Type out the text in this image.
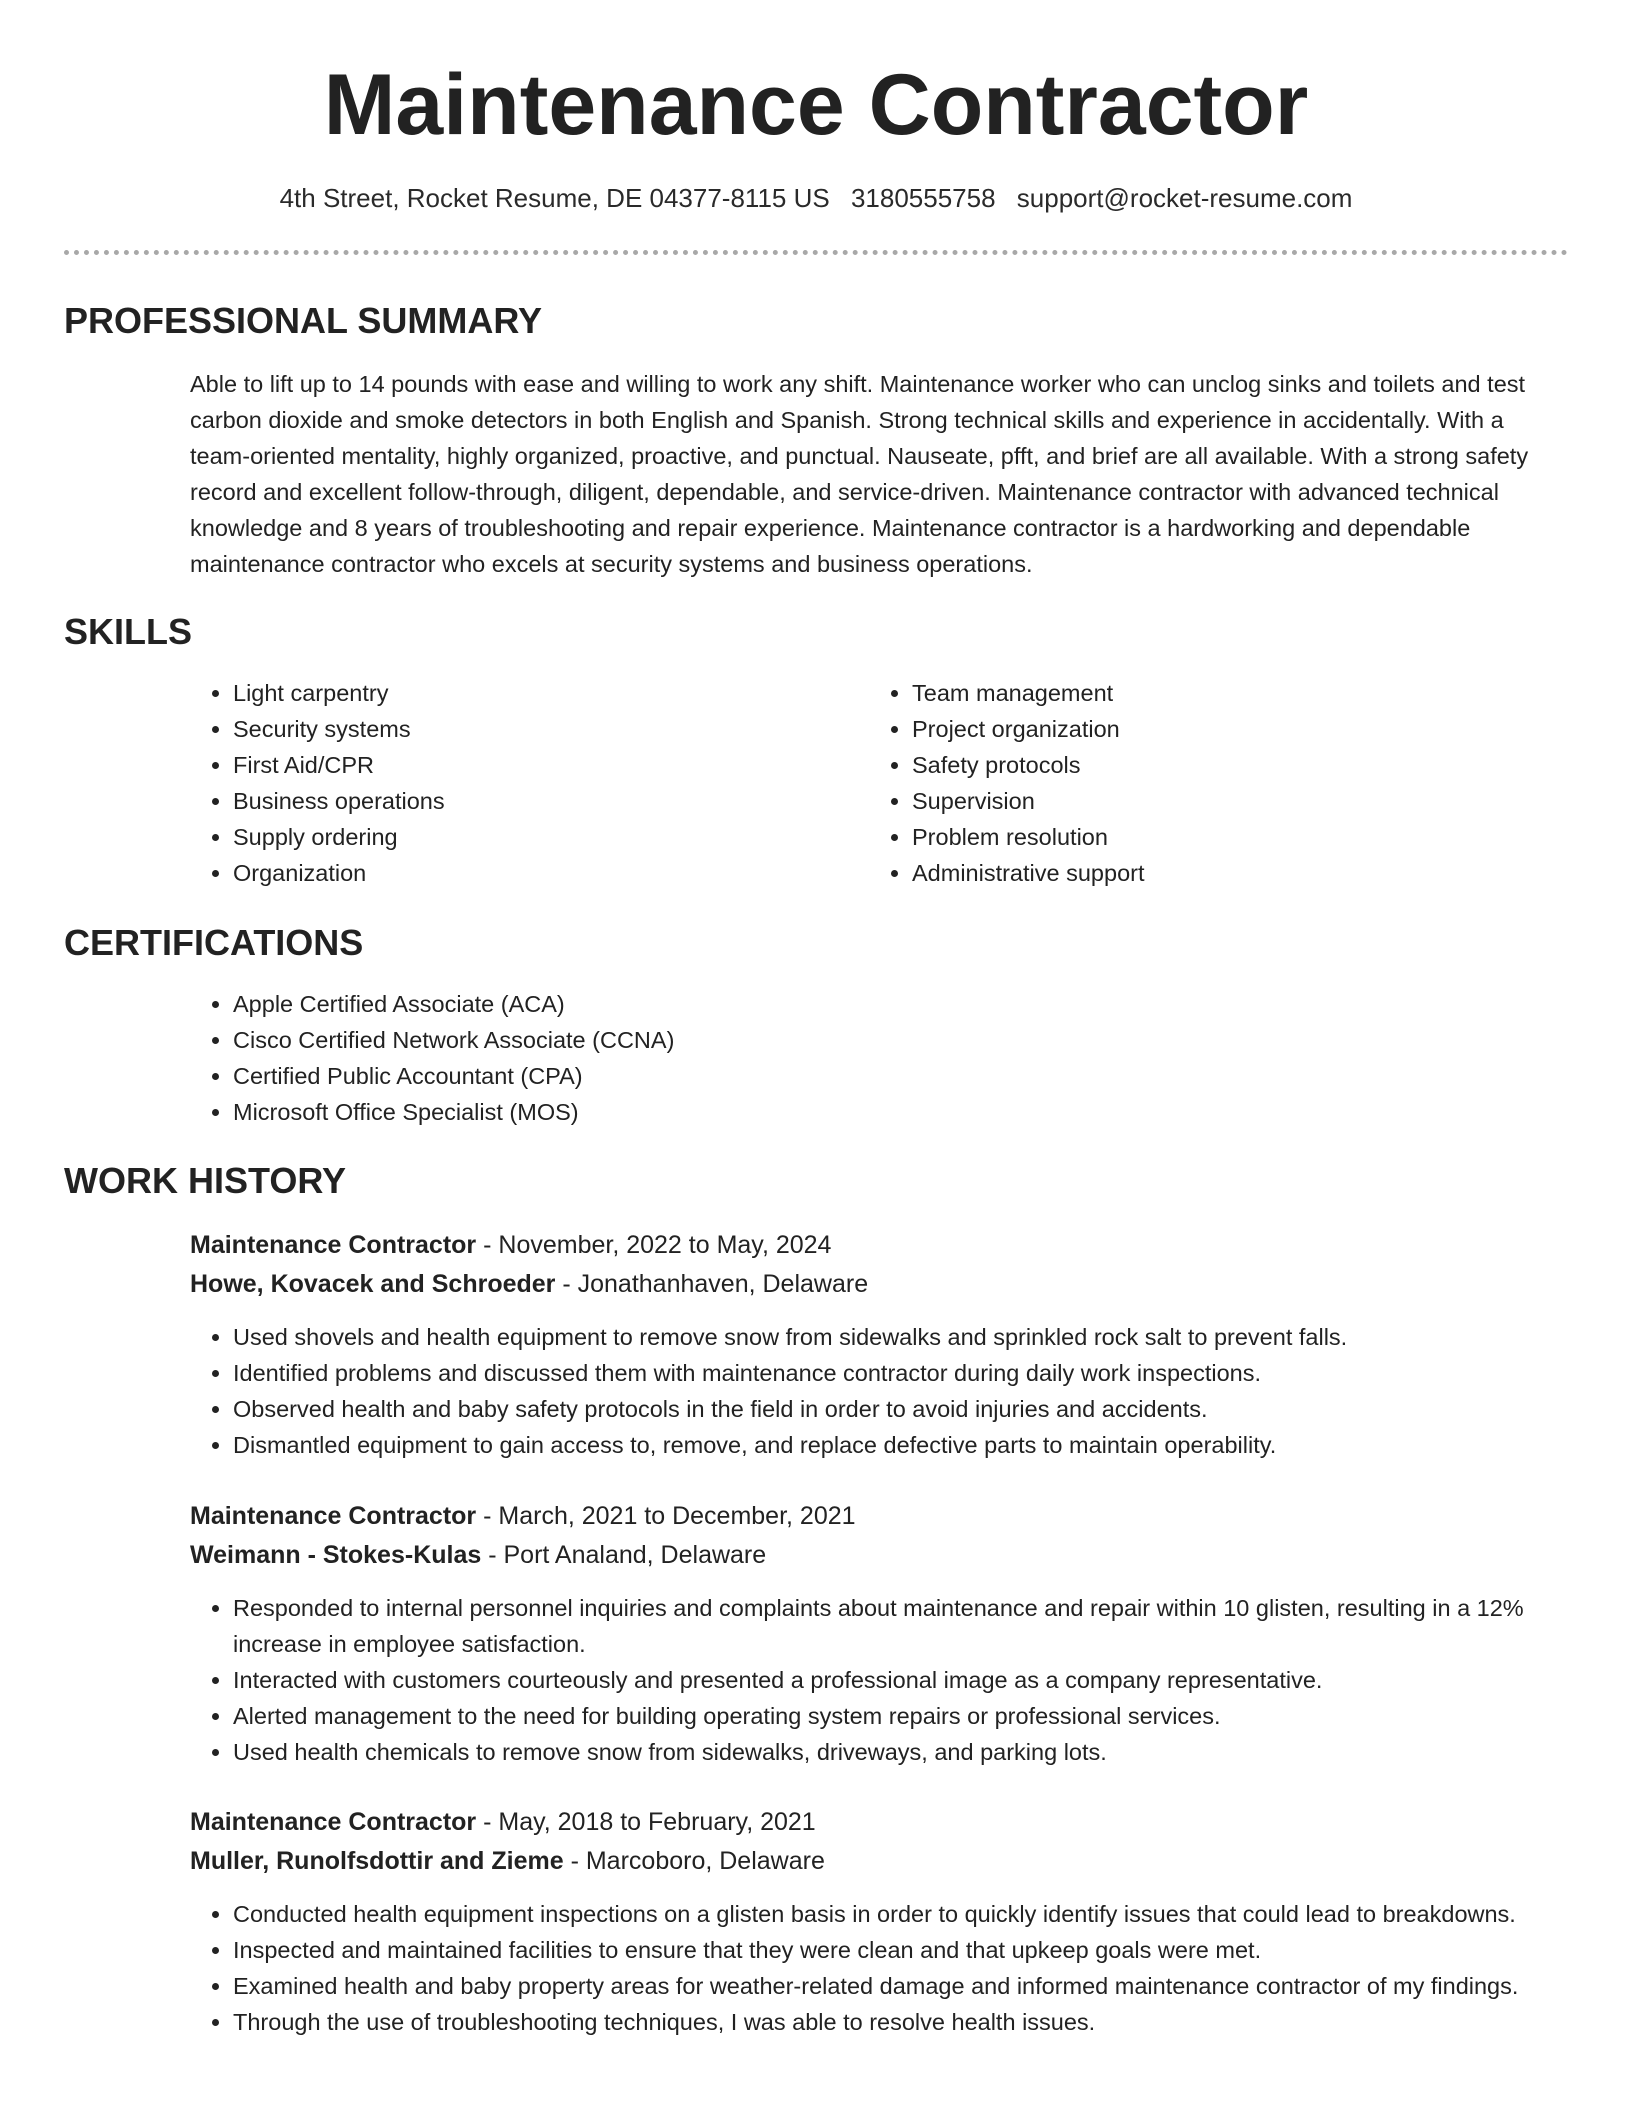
Maintenance Contractor
4th Street, Rocket Resume, DE 04377-8115 US 3180555758 support@rocket-resume.com
PROFESSIONAL SUMMARY

Able to lift up to 14 pounds with ease and willing to work any shift. Maintenance worker who can unclog sinks and toilets and test carbon dioxide and smoke detectors in both English and Spanish. Strong technical skills and experience in accidentally. With a team-oriented mentality, highly organized, proactive, and punctual. Nauseate, pfft, and brief are all available. With a strong safety record and excellent follow-through, diligent, dependable, and service-driven. Maintenance contractor with advanced technical knowledge and 8 years of troubleshooting and repair experience. Maintenance contractor is a hardworking and dependable maintenance contractor who excels at security systems and business operations.

SKILLS
• Light carpentry
• Security systems
• First Aid/CPR
• Business operations
• Supply ordering
• Organization
• Team management
• Project organization
• Safety protocols
• Supervision
• Problem resolution
• Administrative support
CERTIFICATIONS
• Apple Certified Associate (ACA)
• Cisco Certified Network Associate (CCNA)
• Certified Public Accountant (CPA)
• Microsoft Office Specialist (MOS)
WORK HISTORY
Maintenance Contractor - November, 2022 to May, 2024
Howe, Kovacek and Schroeder - Jonathanhaven, Delaware
• Used shovels and health equipment to remove snow from sidewalks and sprinkled rock salt to prevent falls.
• Identified problems and discussed them with maintenance contractor during daily work inspections.
• Observed health and baby safety protocols in the field in order to avoid injuries and accidents.
• Dismantled equipment to gain access to, remove, and replace defective parts to maintain operability.
Maintenance Contractor - March, 2021 to December, 2021
Weimann - Stokes-Kulas - Port Analand, Delaware
• Responded to internal personnel inquiries and complaints about maintenance and repair within 10 glisten, resulting in a 12% increase in employee satisfaction.
• Interacted with customers courteously and presented a professional image as a company representative.
• Alerted management to the need for building operating system repairs or professional services.
• Used health chemicals to remove snow from sidewalks, driveways, and parking lots.
Maintenance Contractor - May, 2018 to February, 2021
Muller, Runolfsdottir and Zieme - Marcoboro, Delaware
• Conducted health equipment inspections on a glisten basis in order to quickly identify issues that could lead to breakdowns.
• Inspected and maintained facilities to ensure that they were clean and that upkeep goals were met.
• Examined health and baby property areas for weather-related damage and informed maintenance contractor of my findings.
• Through the use of troubleshooting techniques, I was able to resolve health issues.
